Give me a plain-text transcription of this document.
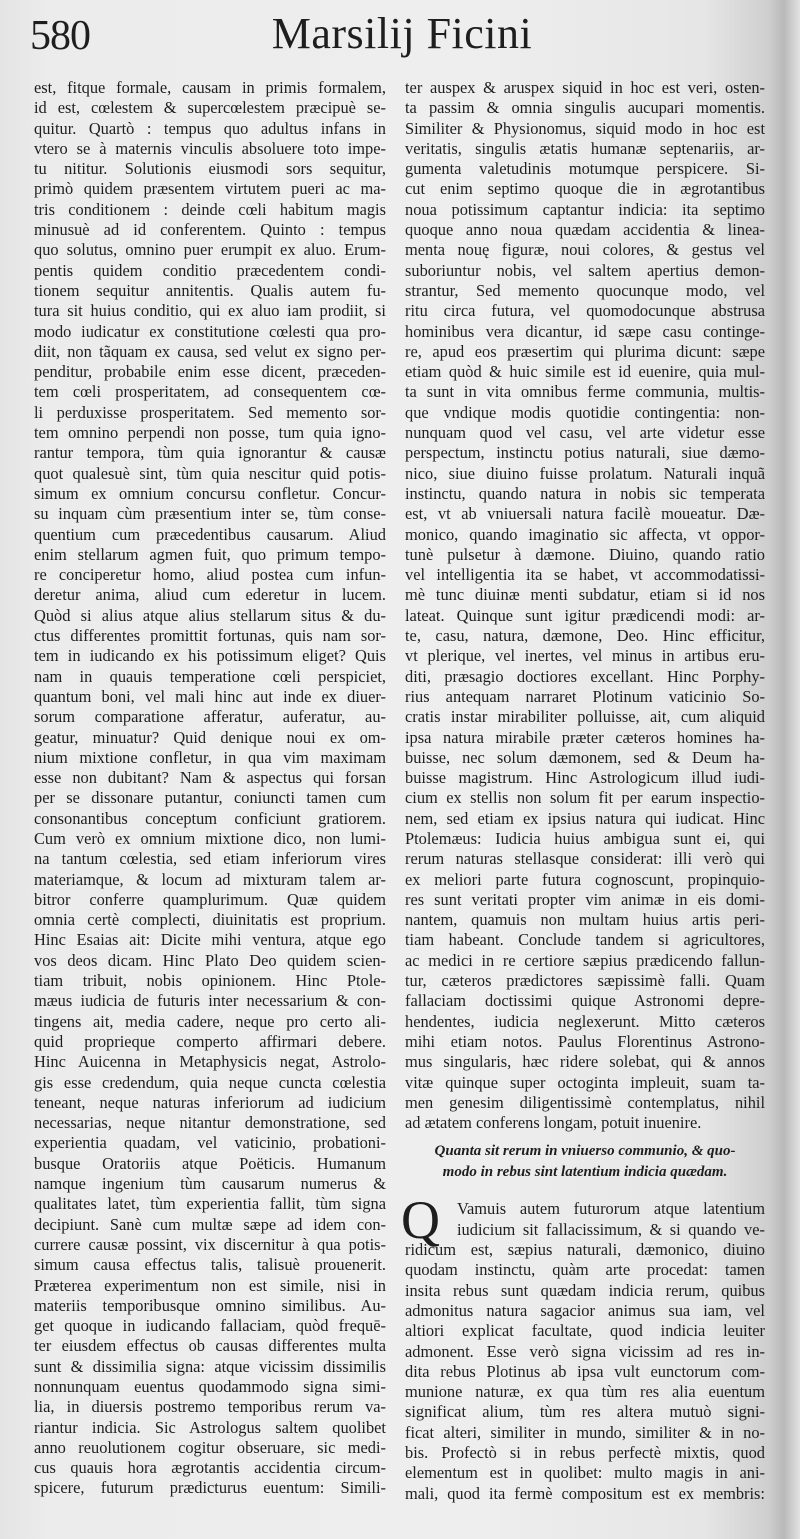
580	Marsilij Ficini
est, fitque formale, causam in primis formalem,
id est, cœlestem & supercœlestem præcipuè se-
quitur. Quartò : tempus quo adultus infans in
vtero se à maternis vinculis absoluere toto impe-
tu nititur. Solutionis eiusmodi sors sequitur,
primò quidem præsentem virtutem pueri ac ma-
tris conditionem : deinde cœli habitum magis
minusuè ad id conferentem. Quinto : tempus
quo solutus, omnino puer erumpit ex aluo. Erum-
pentis quidem conditio præcedentem condi-
tionem sequitur annitentis. Qualis autem fu-
tura sit huius conditio, qui ex aluo iam prodiit, si
modo iudicatur ex constitutione cœlesti qua pro-
diit, non tãquam ex causa, sed velut ex signo per-
penditur, probabile enim esse dicent, præceden-
tem cœli prosperitatem, ad consequentem cœ-
li perduxisse prosperitatem. Sed memento sor-
tem omnino perpendi non posse, tum quia igno-
rantur tempora, tùm quia ignorantur & causæ
quot qualesuè sint, tùm quia nescitur quid potis-
simum ex omnium concursu confletur. Concur-
su inquam cùm præsentium inter se, tùm conse-
quentium cum præcedentibus causarum. Aliud
enim stellarum agmen fuit, quo primum tempo-
re conciperetur homo, aliud postea cum infun-
deretur anima, aliud cum ederetur in lucem.
Quòd si alius atque alius stellarum situs & du-
ctus differentes promittit fortunas, quis nam sor-
tem in iudicando ex his potissimum eliget? Quis
nam in quauis temperatione cœli perspiciet,
quantum boni, vel mali hinc aut inde ex diuer-
sorum comparatione afferatur, auferatur, au-
geatur, minuatur? Quid denique noui ex om-
nium mixtione confletur, in qua vim maximam
esse non dubitant? Nam & aspectus qui forsan
per se dissonare putantur, coniuncti tamen cum
consonantibus conceptum conficiunt gratiorem.
Cum verò ex omnium mixtione dico, non lumi-
na tantum cœlestia, sed etiam inferiorum vires
materiamque, & locum ad mixturam talem ar-
bitror conferre quamplurimum. Quæ quidem
omnia certè complecti, diuinitatis est proprium.
Hinc Esaias ait: Dicite mihi ventura, atque ego
vos deos dicam. Hinc Plato Deo quidem scien-
tiam tribuit, nobis opinionem. Hinc Ptole-
mæus iudicia de futuris inter necessarium & con-
tingens ait, media cadere, neque pro certo ali-
quid proprieque comperto affirmari debere.
Hinc Auicenna in Metaphysicis negat, Astrolo-
gis esse credendum, quia neque cuncta cœlestia
teneant, neque naturas inferiorum ad iudicium
necessarias, neque nitantur demonstratione, sed
experientia quadam, vel vaticinio, probationi-
busque Oratoriis atque Poëticis. Humanum
namque ingenium tùm causarum numerus &
qualitates latet, tùm experientia fallit, tùm signa
decipiunt. Sanè cum multæ sæpe ad idem con-
currere causæ possint, vix discernitur à qua potis-
simum causa effectus talis, talisuè prouenerit.
Præterea experimentum non est simile, nisi in
materiis temporibusque omnino similibus. Au-
get quoque in iudicando fallaciam, quòd frequē-
ter eiusdem effectus ob causas differentes multa
sunt & dissimilia signa: atque vicissim dissimilis
nonnunquam euentus quodammodo signa simi-
lia, in diuersis postremo temporibus rerum va-
riantur indicia. Sic Astrologus saltem quolibet
anno reuolutionem cogitur obseruare, sic medi-
cus quauis hora ægrotantis accidentia circum-
spicere, futurum prædicturus euentum: Simili-
ter auspex & aruspex siquid in hoc est veri, osten-
ta passim & omnia singulis aucupari momentis.
Similiter & Physionomus, siquid modo in hoc est
veritatis, singulis ætatis humanæ septenariis, ar-
gumenta valetudinis motumque perspicere. Si-
cut enim septimo quoque die in ægrotantibus
noua potissimum captantur indicia: ita septimo
quoque anno noua quædam accidentia & linea-
menta nouę figuræ, noui colores, & gestus vel
suboriuntur nobis, vel saltem apertius demon-
strantur, Sed memento quocunque modo, vel
ritu circa futura, vel quomodocunque abstrusa
hominibus vera dicantur, id sæpe casu continge-
re, apud eos præsertim qui plurima dicunt: sæpe
etiam quòd & huic simile est id euenire, quia mul-
ta sunt in vita omnibus ferme communia, multis-
que vndique modis quotidie contingentia: non-
nunquam quod vel casu, vel arte videtur esse
perspectum, instinctu potius naturali, siue dæmo-
nico, siue diuino fuisse prolatum. Naturali inquã
instinctu, quando natura in nobis sic temperata
est, vt ab vniuersali natura facilè moueatur. Dæ-
monico, quando imaginatio sic affecta, vt oppor-
tunè pulsetur à dæmone. Diuino, quando ratio
vel intelligentia ita se habet, vt accommodatissi-
mè tunc diuinæ menti subdatur, etiam si id nos
lateat. Quinque sunt igitur prædicendi modi: ar-
te, casu, natura, dæmone, Deo. Hinc efficitur,
vt plerique, vel inertes, vel minus in artibus eru-
diti, præsagio doctiores excellant. Hinc Porphy-
rius antequam narraret Plotinum vaticinio So-
cratis instar mirabiliter polluisse, ait, cum aliquid
ipsa natura mirabile præter cæteros homines ha-
buisse, nec solum dæmonem, sed & Deum ha-
buisse magistrum. Hinc Astrologicum illud iudi-
cium ex stellis non solum fit per earum inspectio-
nem, sed etiam ex ipsius natura qui iudicat. Hinc
Ptolemæus: Iudicia huius ambigua sunt ei, qui
rerum naturas stellasque considerat: illi verò qui
ex meliori parte futura cognoscunt, propinquio-
res sunt veritati propter vim animæ in eis domi-
nantem, quamuis non multam huius artis peri-
tiam habeant. Conclude tandem si agricultores,
ac medici in re certiore sæpius prædicendo fallun-
tur, cæteros prædictores sæpissimè falli. Quam
fallaciam doctissimi quique Astronomi depre-
hendentes, iudicia neglexerunt. Mitto cæteros
mihi etiam notos. Paulus Florentinus Astrono-
mus singularis, hæc ridere solebat, qui & annos
vitæ quinque super octoginta impleuit, suam ta-
men genesim diligentissimè contemplatus, nihil
ad ætatem conferens longam, potuit inuenire.
Quanta sit rerum in vniuerso communio, & quo-
modo in rebus sint latentium indicia quædam.
Q Vamuis autem futurorum atque latentium
iudicium sit fallacissimum, & si quando ve-
ridicum est, sæpius naturali, dæmonico, diuino
quodam instinctu, quàm arte procedat: tamen
insita rebus sunt quædam indicia rerum, quibus
admonitus natura sagacior animus sua iam, vel
altiori explicat facultate, quod indicia leuiter
admonent. Esse verò signa vicissim ad res in-
dita rebus Plotinus ab ipsa vult eunctorum com-
munione naturæ, ex qua tùm res alia euentum
significat alium, tùm res altera mutuò signi-
ficat alteri, similiter in mundo, similiter & in no-
bis. Profectò si in rebus perfectè mixtis, quod
elementum est in quolibet: multo magis in ani-
mali, quod ita fermè compositum est ex membris:
